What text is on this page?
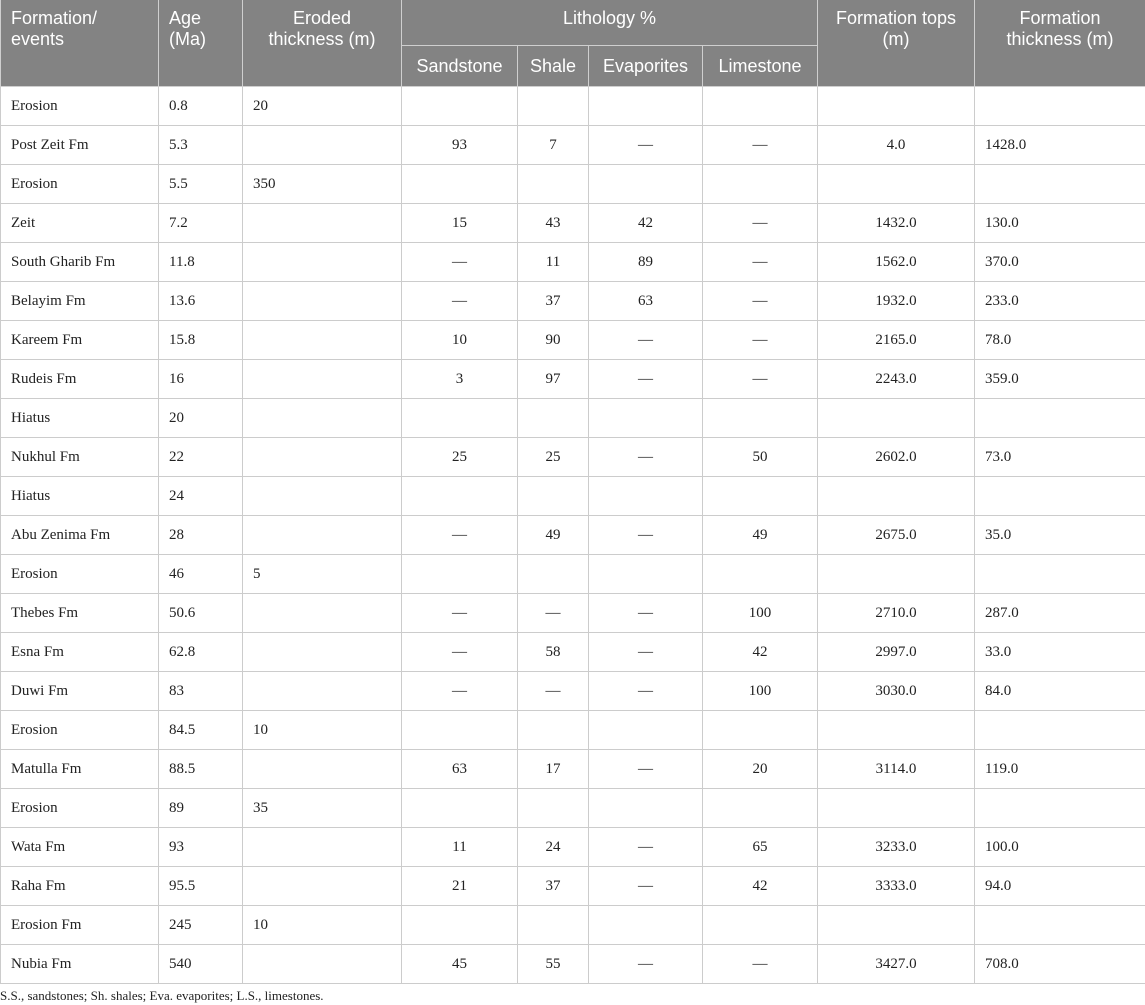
Formation/ events	Age (Ma)	Eroded thickness (m)	Lithology %				Formation tops (m)	Formation thickness (m)
			Sandstone	Shale	Evaporites	Limestone		
Erosion	0.8	20						
Post Zeit Fm	5.3		93	7	—	—	4.0	1428.0
Erosion	5.5	350						
Zeit	7.2		15	43	42	—	1432.0	130.0
South Gharib Fm	11.8		—	11	89	—	1562.0	370.0
Belayim Fm	13.6		—	37	63	—	1932.0	233.0
Kareem Fm	15.8		10	90	—	—	2165.0	78.0
Rudeis Fm	16		3	97	—	—	2243.0	359.0
Hiatus	20							
Nukhul Fm	22		25	25	—	50	2602.0	73.0
Hiatus	24							
Abu Zenima Fm	28		—	49	—	49	2675.0	35.0
Erosion	46	5						
Thebes Fm	50.6		—	—	—	100	2710.0	287.0
Esna Fm	62.8		—	58	—	42	2997.0	33.0
Duwi Fm	83		—	—	—	100	3030.0	84.0
Erosion	84.5	10						
Matulla Fm	88.5		63	17	—	20	3114.0	119.0
Erosion	89	35						
Wata Fm	93		11	24	—	65	3233.0	100.0
Raha Fm	95.5		21	37	—	42	3333.0	94.0
Erosion Fm	245	10						
Nubia Fm	540		45	55	—	—	3427.0	708.0
S.S., sandstones; Sh. shales; Eva. evaporites; L.S., limestones.
